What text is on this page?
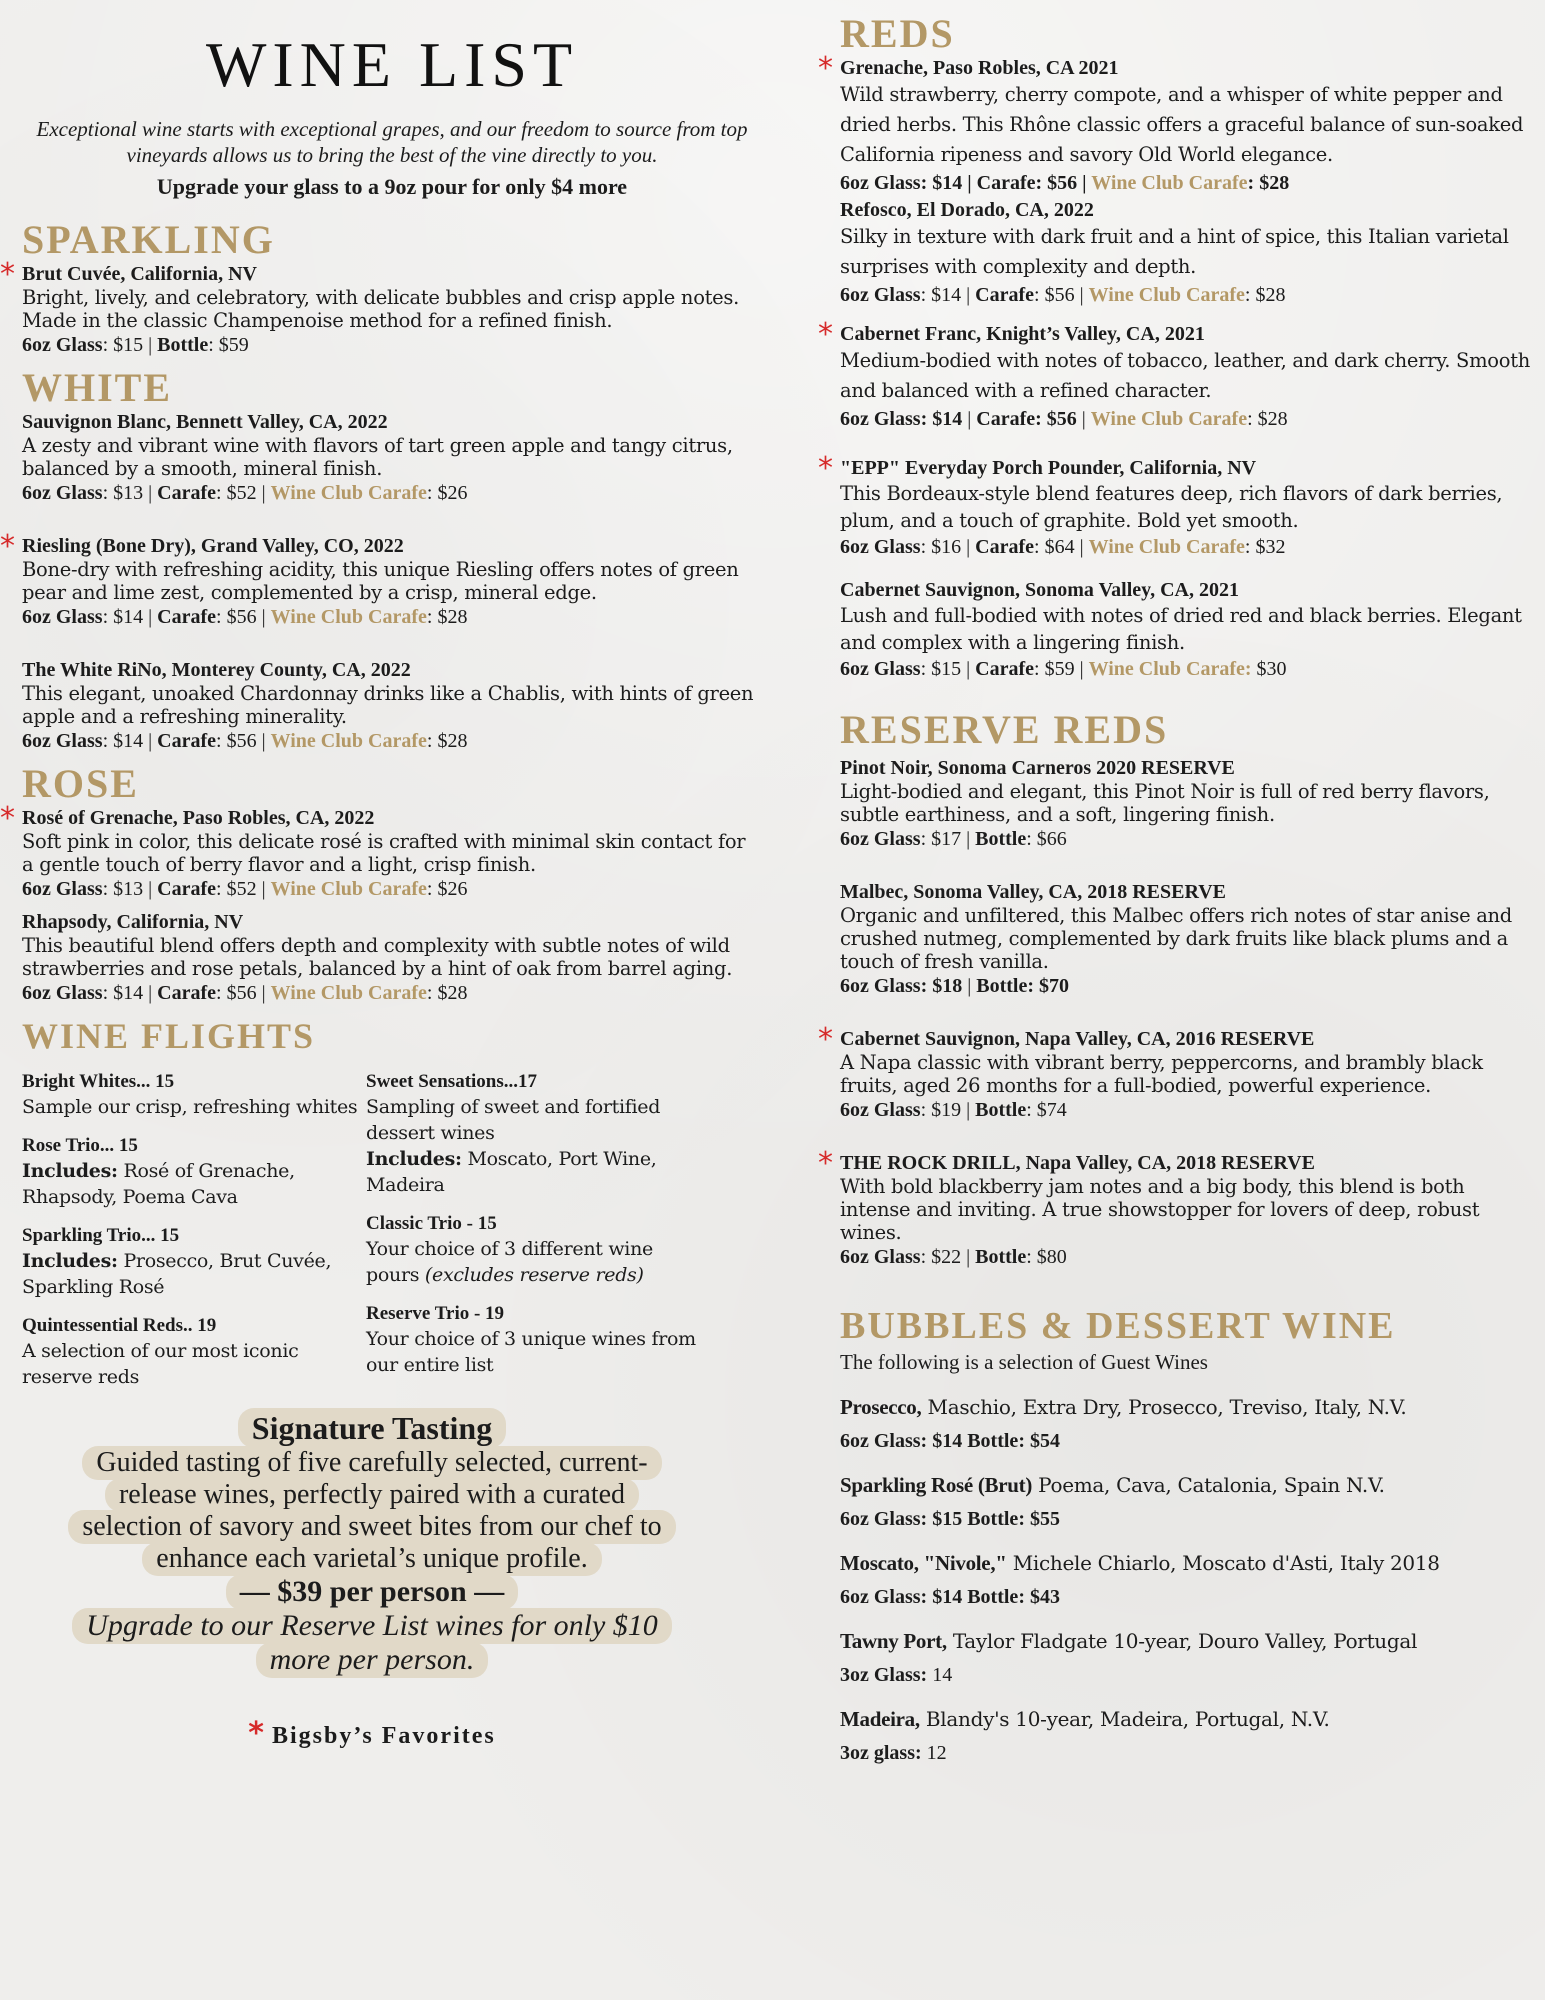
WINE LIST

Exceptional wine starts with exceptional grapes, and our freedom to source from top vineyards allows us to bring the best of the vine directly to you.

Upgrade your glass to a 9oz pour for only $4 more

SPARKLING
* Brut Cuvée, California, NV
Bright, lively, and celebratory, with delicate bubbles and crisp apple notes. Made in the classic Champenoise method for a refined finish.
6oz Glass: $15 | Bottle: $59
WHITE
Sauvignon Blanc, Bennett Valley, CA, 2022
A zesty and vibrant wine with flavors of tart green apple and tangy citrus, balanced by a smooth, mineral finish.
6oz Glass: $13 | Carafe: $52 | Wine Club Carafe: $26
* Riesling (Bone Dry), Grand Valley, CO, 2022
Bone-dry with refreshing acidity, this unique Riesling offers notes of green pear and lime zest, complemented by a crisp, mineral edge.
6oz Glass: $14 | Carafe: $56 | Wine Club Carafe: $28
The White RiNo, Monterey County, CA, 2022
This elegant, unoaked Chardonnay drinks like a Chablis, with hints of green apple and a refreshing minerality.
6oz Glass: $14 | Carafe: $56 | Wine Club Carafe: $28
ROSE
* Rosé of Grenache, Paso Robles, CA, 2022
Soft pink in color, this delicate rosé is crafted with minimal skin contact for a gentle touch of berry flavor and a light, crisp finish.
6oz Glass: $13 | Carafe: $52 | Wine Club Carafe: $26
Rhapsody, California, NV
This beautiful blend offers depth and complexity with subtle notes of wild strawberries and rose petals, balanced by a hint of oak from barrel aging.
6oz Glass: $14 | Carafe: $56 | Wine Club Carafe: $28
WINE FLIGHTS
Bright Whites... 15
Sample our crisp, refreshing whites
Rose Trio... 15
Includes: Rosé of Grenache, Rhapsody, Poema Cava
Sparkling Trio... 15
Includes: Prosecco, Brut Cuvée, Sparkling Rosé
Quintessential Reds.. 19
A selection of our most iconic reserve reds
Sweet Sensations...17
Sampling of sweet and fortified dessert wines
Includes: Moscato, Port Wine, Madeira
Classic Trio - 15
Your choice of 3 different wine pours (excludes reserve reds)
Reserve Trio - 19
Your choice of 3 unique wines from our entire list
Signature Tasting
Guided tasting of five carefully selected, current-
release wines, perfectly paired with a curated
selection of savory and sweet bites from our chef to
enhance each varietal’s unique profile.
— $39 per person —
Upgrade to our Reserve List wines for only $10
more per person.
* Bigsby’s Favorites
REDS
* Grenache, Paso Robles, CA 2021
Wild strawberry, cherry compote, and a whisper of white pepper and dried herbs. This Rhône classic offers a graceful balance of sun-soaked California ripeness and savory Old World elegance.
6oz Glass: $14 | Carafe: $56 | Wine Club Carafe: $28
Refosco, El Dorado, CA, 2022
Silky in texture with dark fruit and a hint of spice, this Italian varietal surprises with complexity and depth.
6oz Glass: $14 | Carafe: $56 | Wine Club Carafe: $28
* Cabernet Franc, Knight’s Valley, CA, 2021
Medium-bodied with notes of tobacco, leather, and dark cherry. Smooth and balanced with a refined character.
6oz Glass: $14 | Carafe: $56 | Wine Club Carafe: $28
* "EPP" Everyday Porch Pounder, California, NV
This Bordeaux-style blend features deep, rich flavors of dark berries, plum, and a touch of graphite. Bold yet smooth.
6oz Glass: $16 | Carafe: $64 | Wine Club Carafe: $32
Cabernet Sauvignon, Sonoma Valley, CA, 2021
Lush and full-bodied with notes of dried red and black berries. Elegant and complex with a lingering finish.
6oz Glass: $15 | Carafe: $59 | Wine Club Carafe: $30
RESERVE REDS
Pinot Noir, Sonoma Carneros 2020 RESERVE
Light-bodied and elegant, this Pinot Noir is full of red berry flavors, subtle earthiness, and a soft, lingering finish.
6oz Glass: $17 | Bottle: $66
Malbec, Sonoma Valley, CA, 2018 RESERVE
Organic and unfiltered, this Malbec offers rich notes of star anise and crushed nutmeg, complemented by dark fruits like black plums and a touch of fresh vanilla.
6oz Glass: $18 | Bottle: $70
* Cabernet Sauvignon, Napa Valley, CA, 2016 RESERVE
A Napa classic with vibrant berry, peppercorns, and brambly black fruits, aged 26 months for a full-bodied, powerful experience.
6oz Glass: $19 | Bottle: $74
* THE ROCK DRILL, Napa Valley, CA, 2018 RESERVE
With bold blackberry jam notes and a big body, this blend is both intense and inviting. A true showstopper for lovers of deep, robust wines.
6oz Glass: $22 | Bottle: $80
BUBBLES & DESSERT WINE
The following is a selection of Guest Wines
Prosecco, Maschio, Extra Dry, Prosecco, Treviso, Italy, N.V.
6oz Glass: $14 Bottle: $54
Sparkling Rosé (Brut) Poema, Cava, Catalonia, Spain N.V.
6oz Glass: $15 Bottle: $55
Moscato, "Nivole," Michele Chiarlo, Moscato d'Asti, Italy 2018
6oz Glass: $14 Bottle: $43
Tawny Port, Taylor Fladgate 10-year, Douro Valley, Portugal
3oz Glass: 14
Madeira, Blandy's 10-year, Madeira, Portugal, N.V.
3oz glass: 12
